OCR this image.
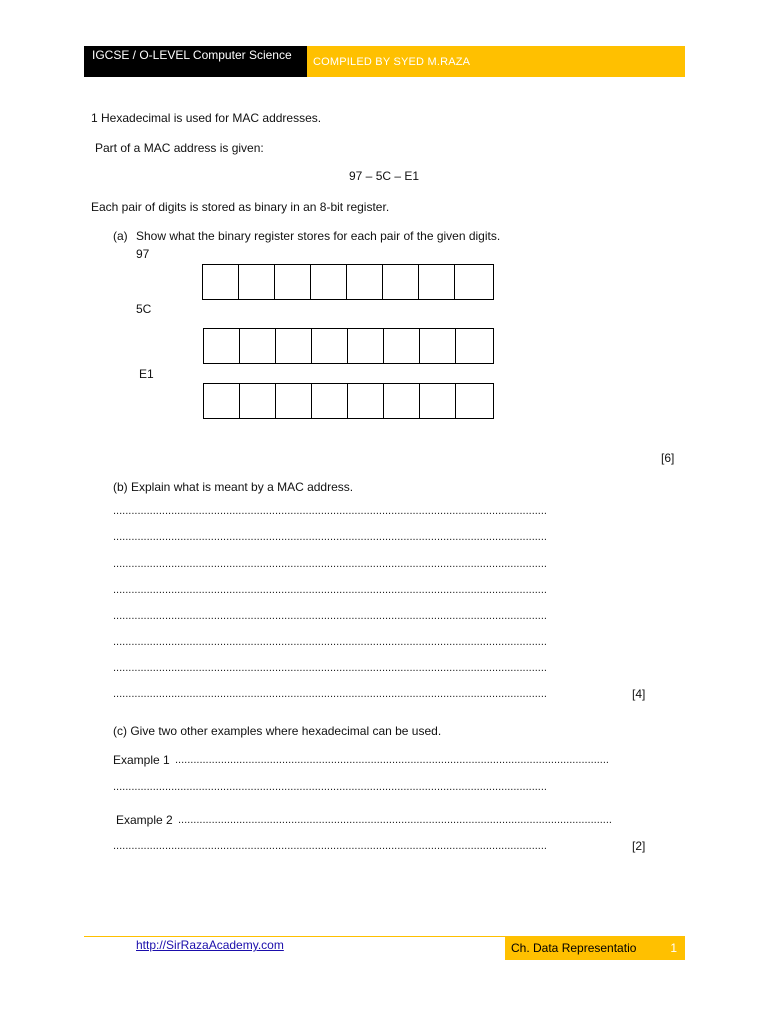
IGCSE / O-LEVEL Computer Science	COMPILED BY SYED M.RAZA
1 Hexadecimal is used for MAC addresses.
Part of a MAC address is given:
97 – 5C – E1
Each pair of digits is stored as binary in an 8-bit register.
(a) Show what the binary register stores for each pair of the given digits.
97
5C
E1
[6]
(b) Explain what is meant by a MAC address.
..............................................................................................................................................
..............................................................................................................................................
..............................................................................................................................................
..............................................................................................................................................
..............................................................................................................................................
..............................................................................................................................................
..............................................................................................................................................
..............................................................................................................................................	[4]
(c) Give two other examples where hexadecimal can be used.
Example 1 ..............................................................................................................................................
..............................................................................................................................................
Example 2 ..............................................................................................................................................
..............................................................................................................................................	[2]
http://SirRazaAcademy.com	Ch. Data Representatio	1
